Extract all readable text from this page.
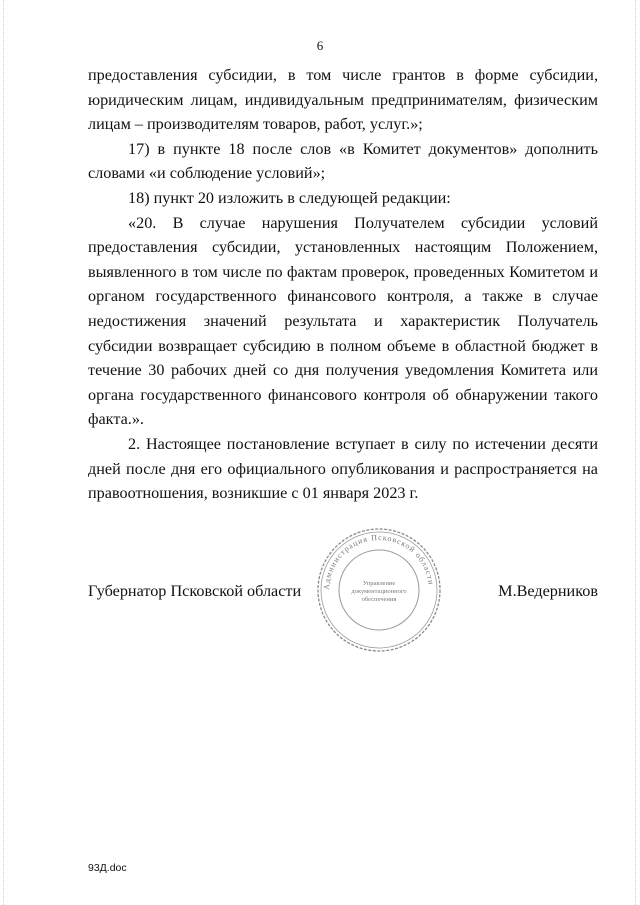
6

предоставления субсидии, в том числе грантов в форме субсидии, юридическим лицам, индивидуальным предпринимателям, физическим лицам – производителям товаров, работ, услуг.»;

17) в пункте 18 после слов «в Комитет документов» дополнить словами «и соблюдение условий»;

18) пункт 20 изложить в следующей редакции:

«20. В случае нарушения Получателем субсидии условий предоставления субсидии, установленных настоящим Положением, выявленного в том числе по фактам проверок, проведенных Комитетом и органом государственного финансового контроля, а также в случае недостижения значений результата и характеристик Получатель субсидии возвращает субсидию в полном объеме в областной бюджет в течение 30 рабочих дней со дня получения уведомления Комитета или органа государственного финансового контроля об обнаружении такого факта.».

2. Настоящее постановление вступает в силу по истечении десяти дней после дня его официального опубликования и распространяется на правоотношения, возникшие с 01 января 2023 г.

Губернатор Псковской области	М.Ведерников
Администрация Псковской области
Управление
документационного
обеспечения
93Д.doc
